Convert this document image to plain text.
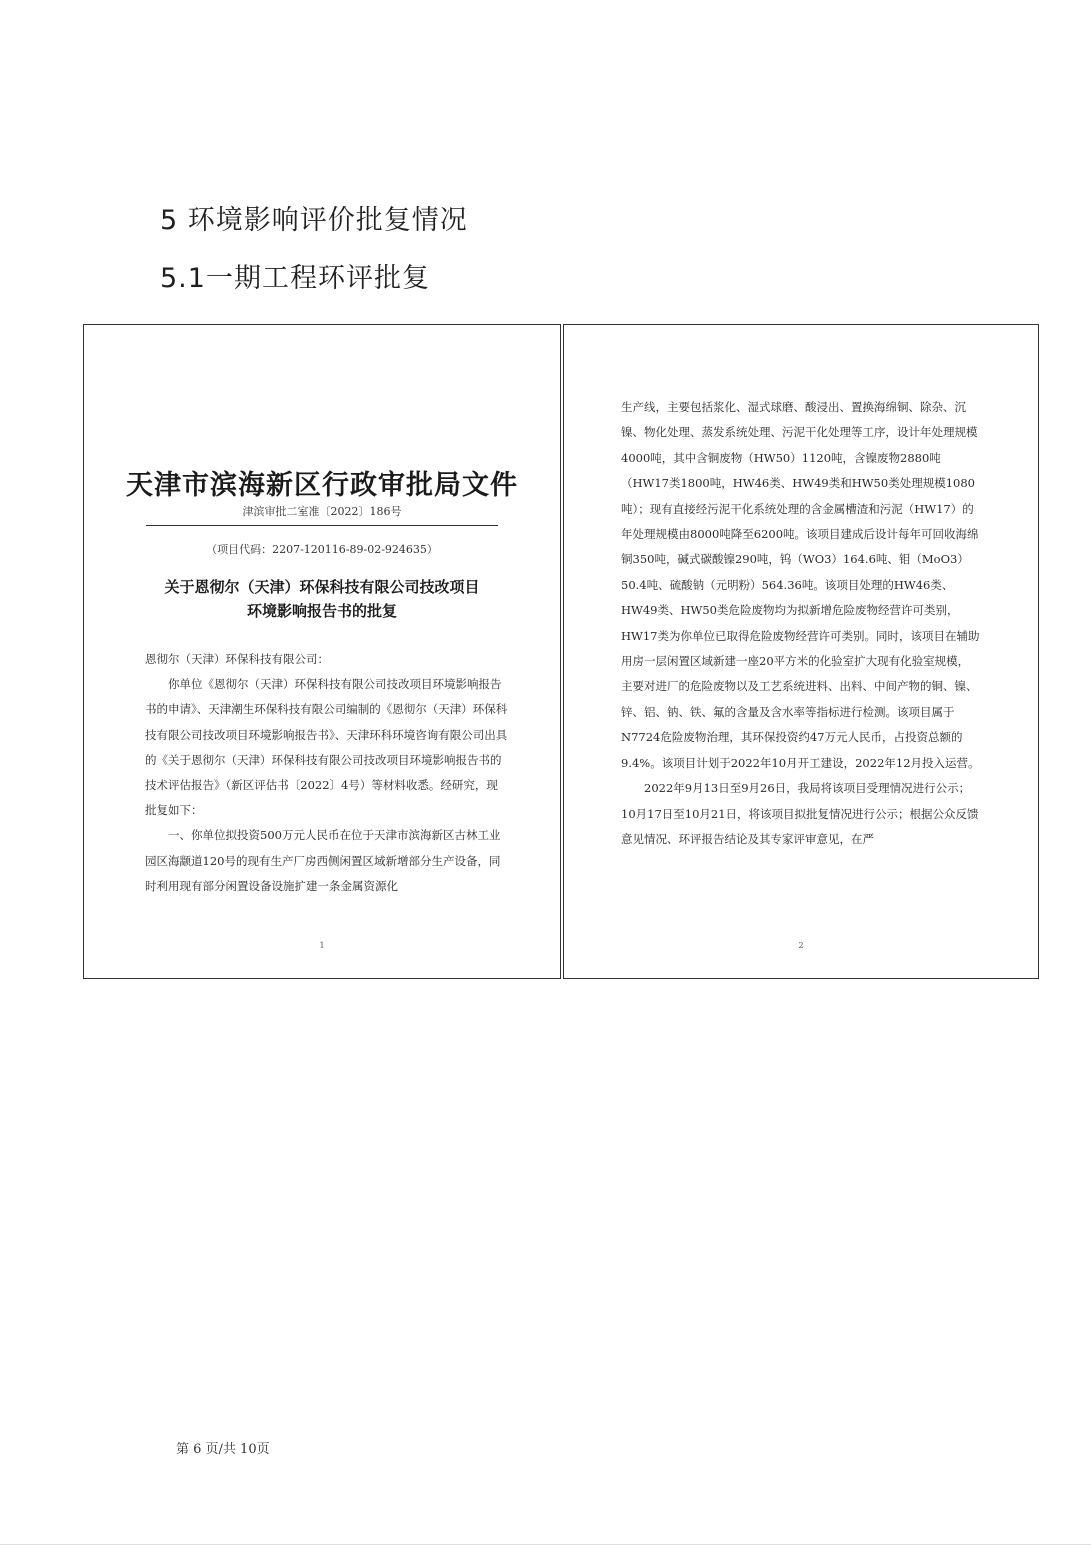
5 环境影响评价批复情况
5.1一期工程环评批复
天津市滨海新区行政审批局文件
津滨审批二室准〔2022〕186号
（项目代码：2207-120116-89-02-924635）
关于恩彻尔（天津）环保科技有限公司技改项目
环境影响报告书的批复

恩彻尔（天津）环保科技有限公司：

你单位《恩彻尔（天津）环保科技有限公司技改项目环境影响报告书的申请》、天津潮生环保科技有限公司编制的《恩彻尔（天津）环保科技有限公司技改项目环境影响报告书》、天津环科环境咨询有限公司出具的《关于恩彻尔（天津）环保科技有限公司技改项目环境影响报告书的技术评估报告》（新区评估书〔2022〕4号）等材料收悉。经研究，现批复如下：

一、你单位拟投资500万元人民币在位于天津市滨海新区古林工业园区海颛道120号的现有生产厂房西侧闲置区域新增部分生产设备，同时利用现有部分闲置设备设施扩建一条金属资源化

1

生产线，主要包括浆化、湿式球磨、酸浸出、置换海绵铜、除杂、沉镍、物化处理、蒸发系统处理、污泥干化处理等工序，设计年处理规模4000吨，其中含铜废物（HW50）1120吨，含镍废物2880吨（HW17类1800吨，HW46类、HW49类和HW50类处理规模1080吨）；现有直接经污泥干化系统处理的含金属槽渣和污泥（HW17）的年处理规模由8000吨降至6200吨。该项目建成后设计每年可回收海绵铜350吨，碱式碳酸镍290吨，钨（WO3）164.6吨、钼（MoO3）50.4吨、硫酸钠（元明粉）564.36吨。该项目处理的HW46类、HW49类、HW50类危险废物均为拟新增危险废物经营许可类别，HW17类为你单位已取得危险废物经营许可类别。同时，该项目在辅助用房一层闲置区域新建一座20平方米的化验室扩大现有化验室规模，主要对进厂的危险废物以及工艺系统进料、出料、中间产物的铜、镍、锌、铝、钠、铁、氟的含量及含水率等指标进行检测。该项目属于N7724危险废物治理，其环保投资约47万元人民币，占投资总额的9.4%。该项目计划于2022年10月开工建设，2022年12月投入运营。

2022年9月13日至9月26日，我局将该项目受理情况进行公示；10月17日至10月21日，将该项目拟批复情况进行公示；根据公众反馈意见情况、环评报告结论及其专家评审意见，在严

2
第 6 页/共 10页
